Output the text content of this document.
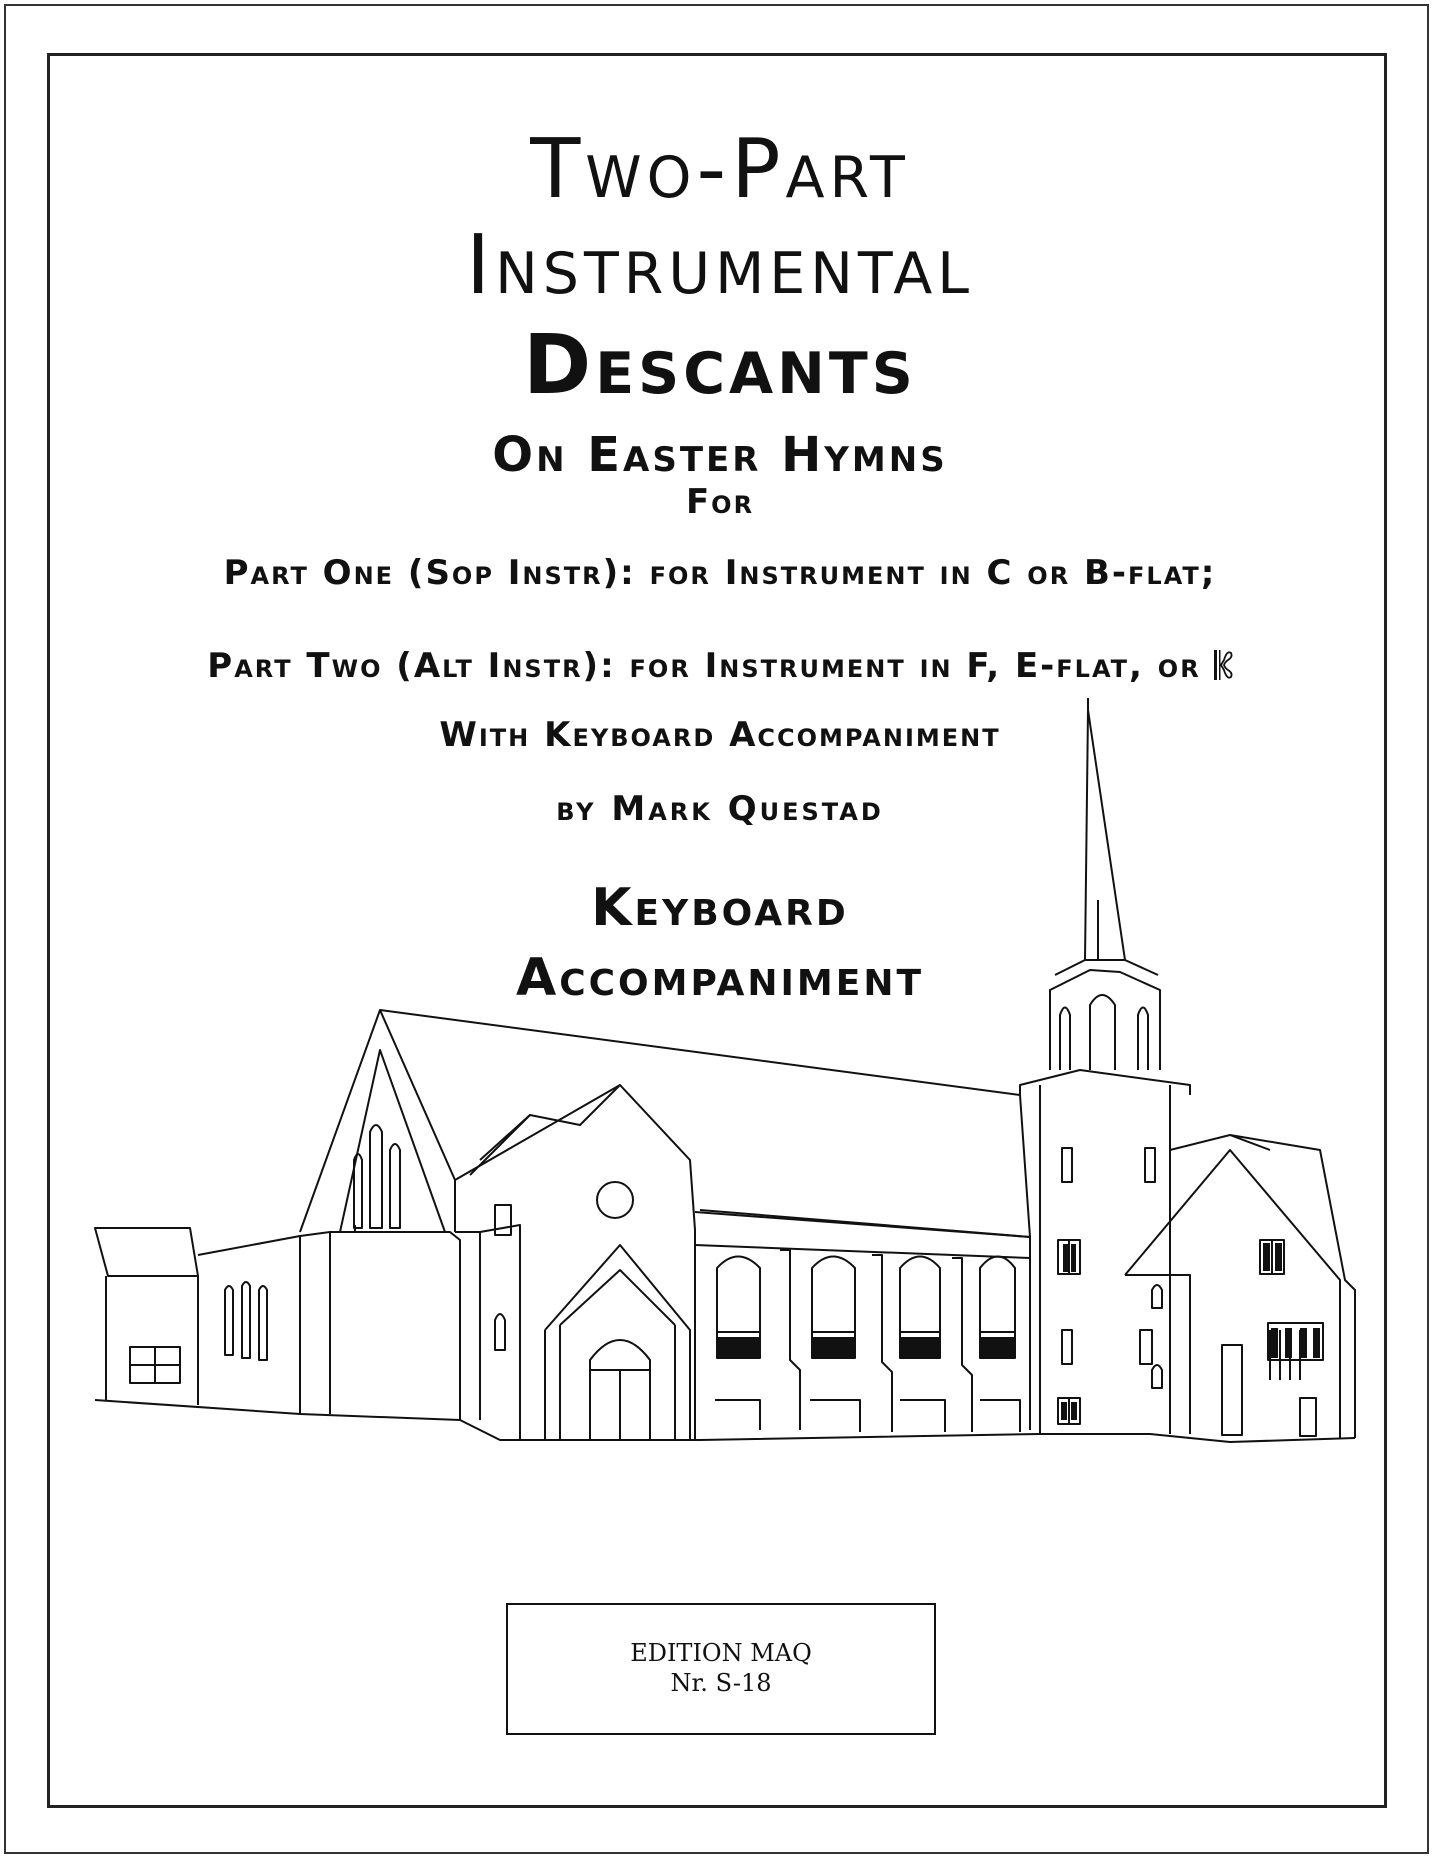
Two-Part
Instrumental
Descants
On Easter Hymns
For
Part One (Sop Instr): for Instrument in C or B-flat;
Part Two (Alt Instr): for Instrument in F, E-flat, or
With Keyboard Accompaniment
by Mark Questad
Keyboard
Accompaniment
EDITION MAQ
Nr. S-18
